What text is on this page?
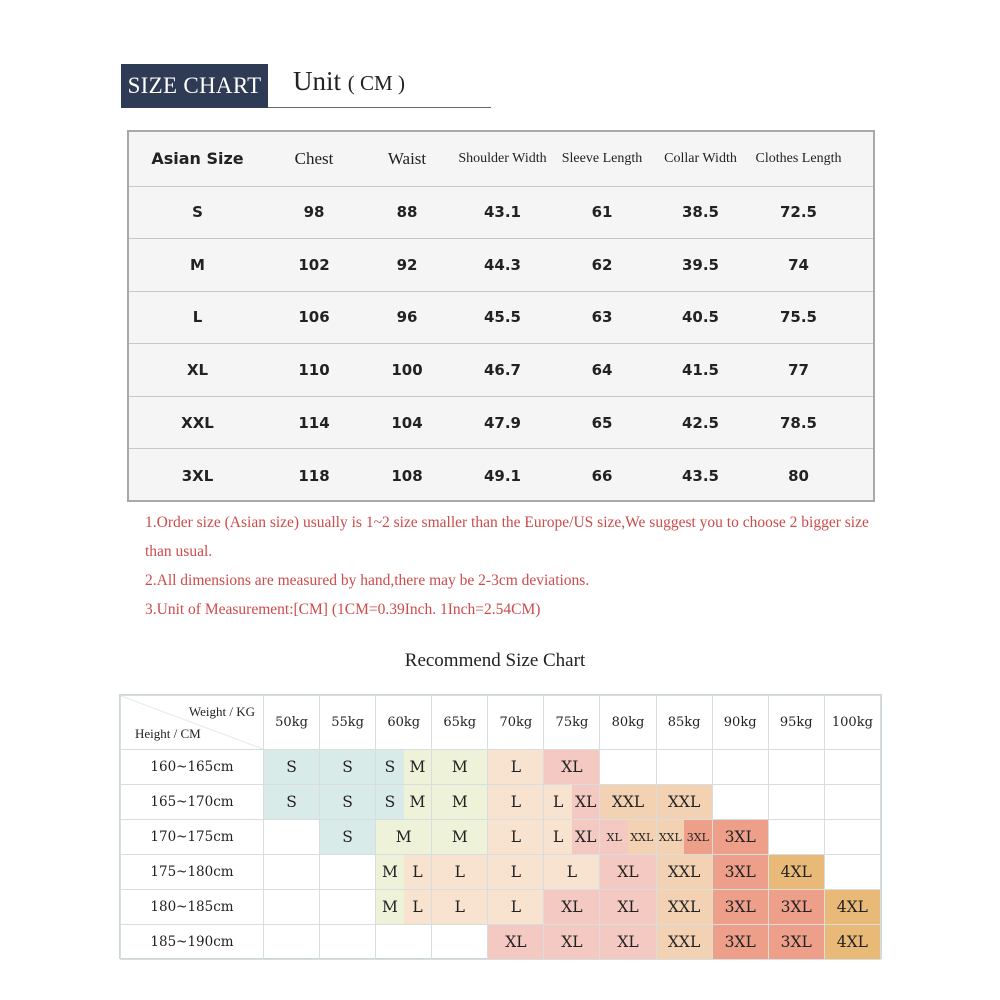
SIZE CHART Unit ( CM )
Asian Size	Chest	Waist	Shoulder Width	Sleeve Length	Collar Width	Clothes Length	
S	98	88	43.1	61	38.5	72.5	
M	102	92	44.3	62	39.5	74	
L	106	96	45.5	63	40.5	75.5	
XL	110	100	46.7	64	41.5	77	
XXL	114	104	47.9	65	42.5	78.5	
3XL	118	108	49.1	66	43.5	80	

1.Order size (Asian size) usually is 1~2 size smaller than the Europe/US size,We suggest you to choose 2 bigger size than usual.

2.All dimensions are measured by hand,there may be 2-3cm deviations.

3.Unit of Measurement:[CM] (1CM=0.39Inch. 1Inch=2.54CM)

Recommend Size Chart
Weight / KG
Height / CM	50kg	55kg	60kg	65kg	70kg	75kg	80kg	85kg	90kg	95kg	100kg
160~165cm	S	S	S M	M	L	XL					
165~170cm	S	S	S M	M	L	L XL	XXL	XXL			
170~175cm		S	M	M	L	L XL	XL XXL	XXL 3XL	3XL		
175~180cm			M L	L	L	L	XL	XXL	3XL	4XL	
180~185cm			M L	L	L	XL	XL	XXL	3XL	3XL	4XL
185~190cm					XL	XL	XL	XXL	3XL	3XL	4XL
